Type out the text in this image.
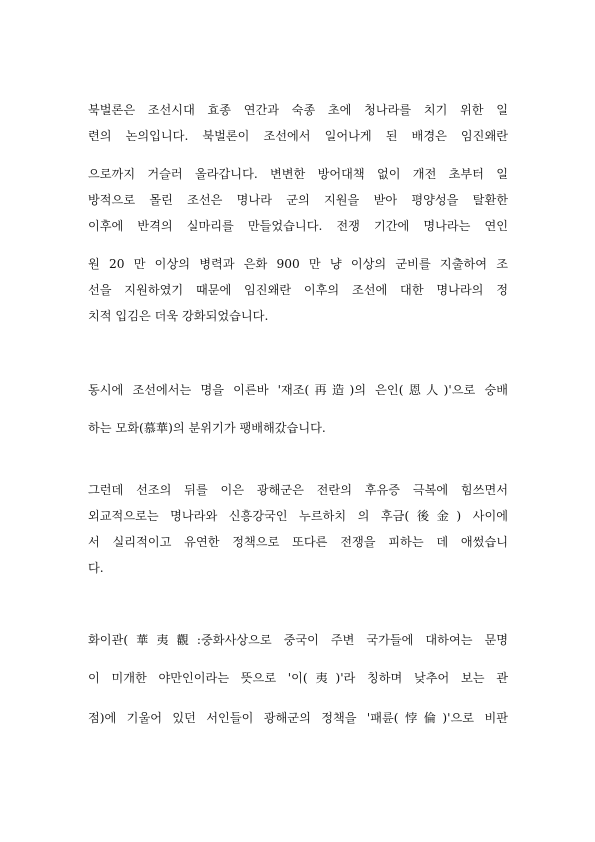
북벌론은 조선시대 효종 연간과 숙종 초에 청나라를 치기 위한 일
련의 논의입니다. 북벌론이 조선에서 일어나게 된 배경은 임진왜란
으로까지 거슬러 올라갑니다. 변변한 방어대책 없이 개전 초부터 일
방적으로 몰린 조선은 명나라 군의 지원을 받아 평양성을 탈환한
이후에 반격의 실마리를 만들었습니다. 전쟁 기간에 명나라는 연인
원 20 만 이상의 병력과 은화 900 만 냥 이상의 군비를 지출하여 조
선을 지원하였기 때문에 임진왜란 이후의 조선에 대한 명나라의 정
치적 입김은 더욱 강화되었습니다.
동시에 조선에서는 명을 이른바 '재조(再造)의 은인(恩人)'으로 숭배
하는 모화(慕華)의 분위기가 팽배해갔습니다.
그런데 선조의 뒤를 이은 광해군은 전란의 후유증 극복에 힘쓰면서
외교적으로는 명나라와 신흥강국인 누르하치 의 후금(後金) 사이에
서 실리적이고 유연한 정책으로 또다른 전쟁을 피하는 데 애썼습니
다.
화이관(華夷觀:중화사상으로 중국이 주변 국가들에 대하여는 문명
이 미개한 야만인이라는 뜻으로 '이(夷)'라 칭하며 낮추어 보는 관
점)에 기울어 있던 서인들이 광해군의 정책을 '패륜(悖倫)'으로 비판
